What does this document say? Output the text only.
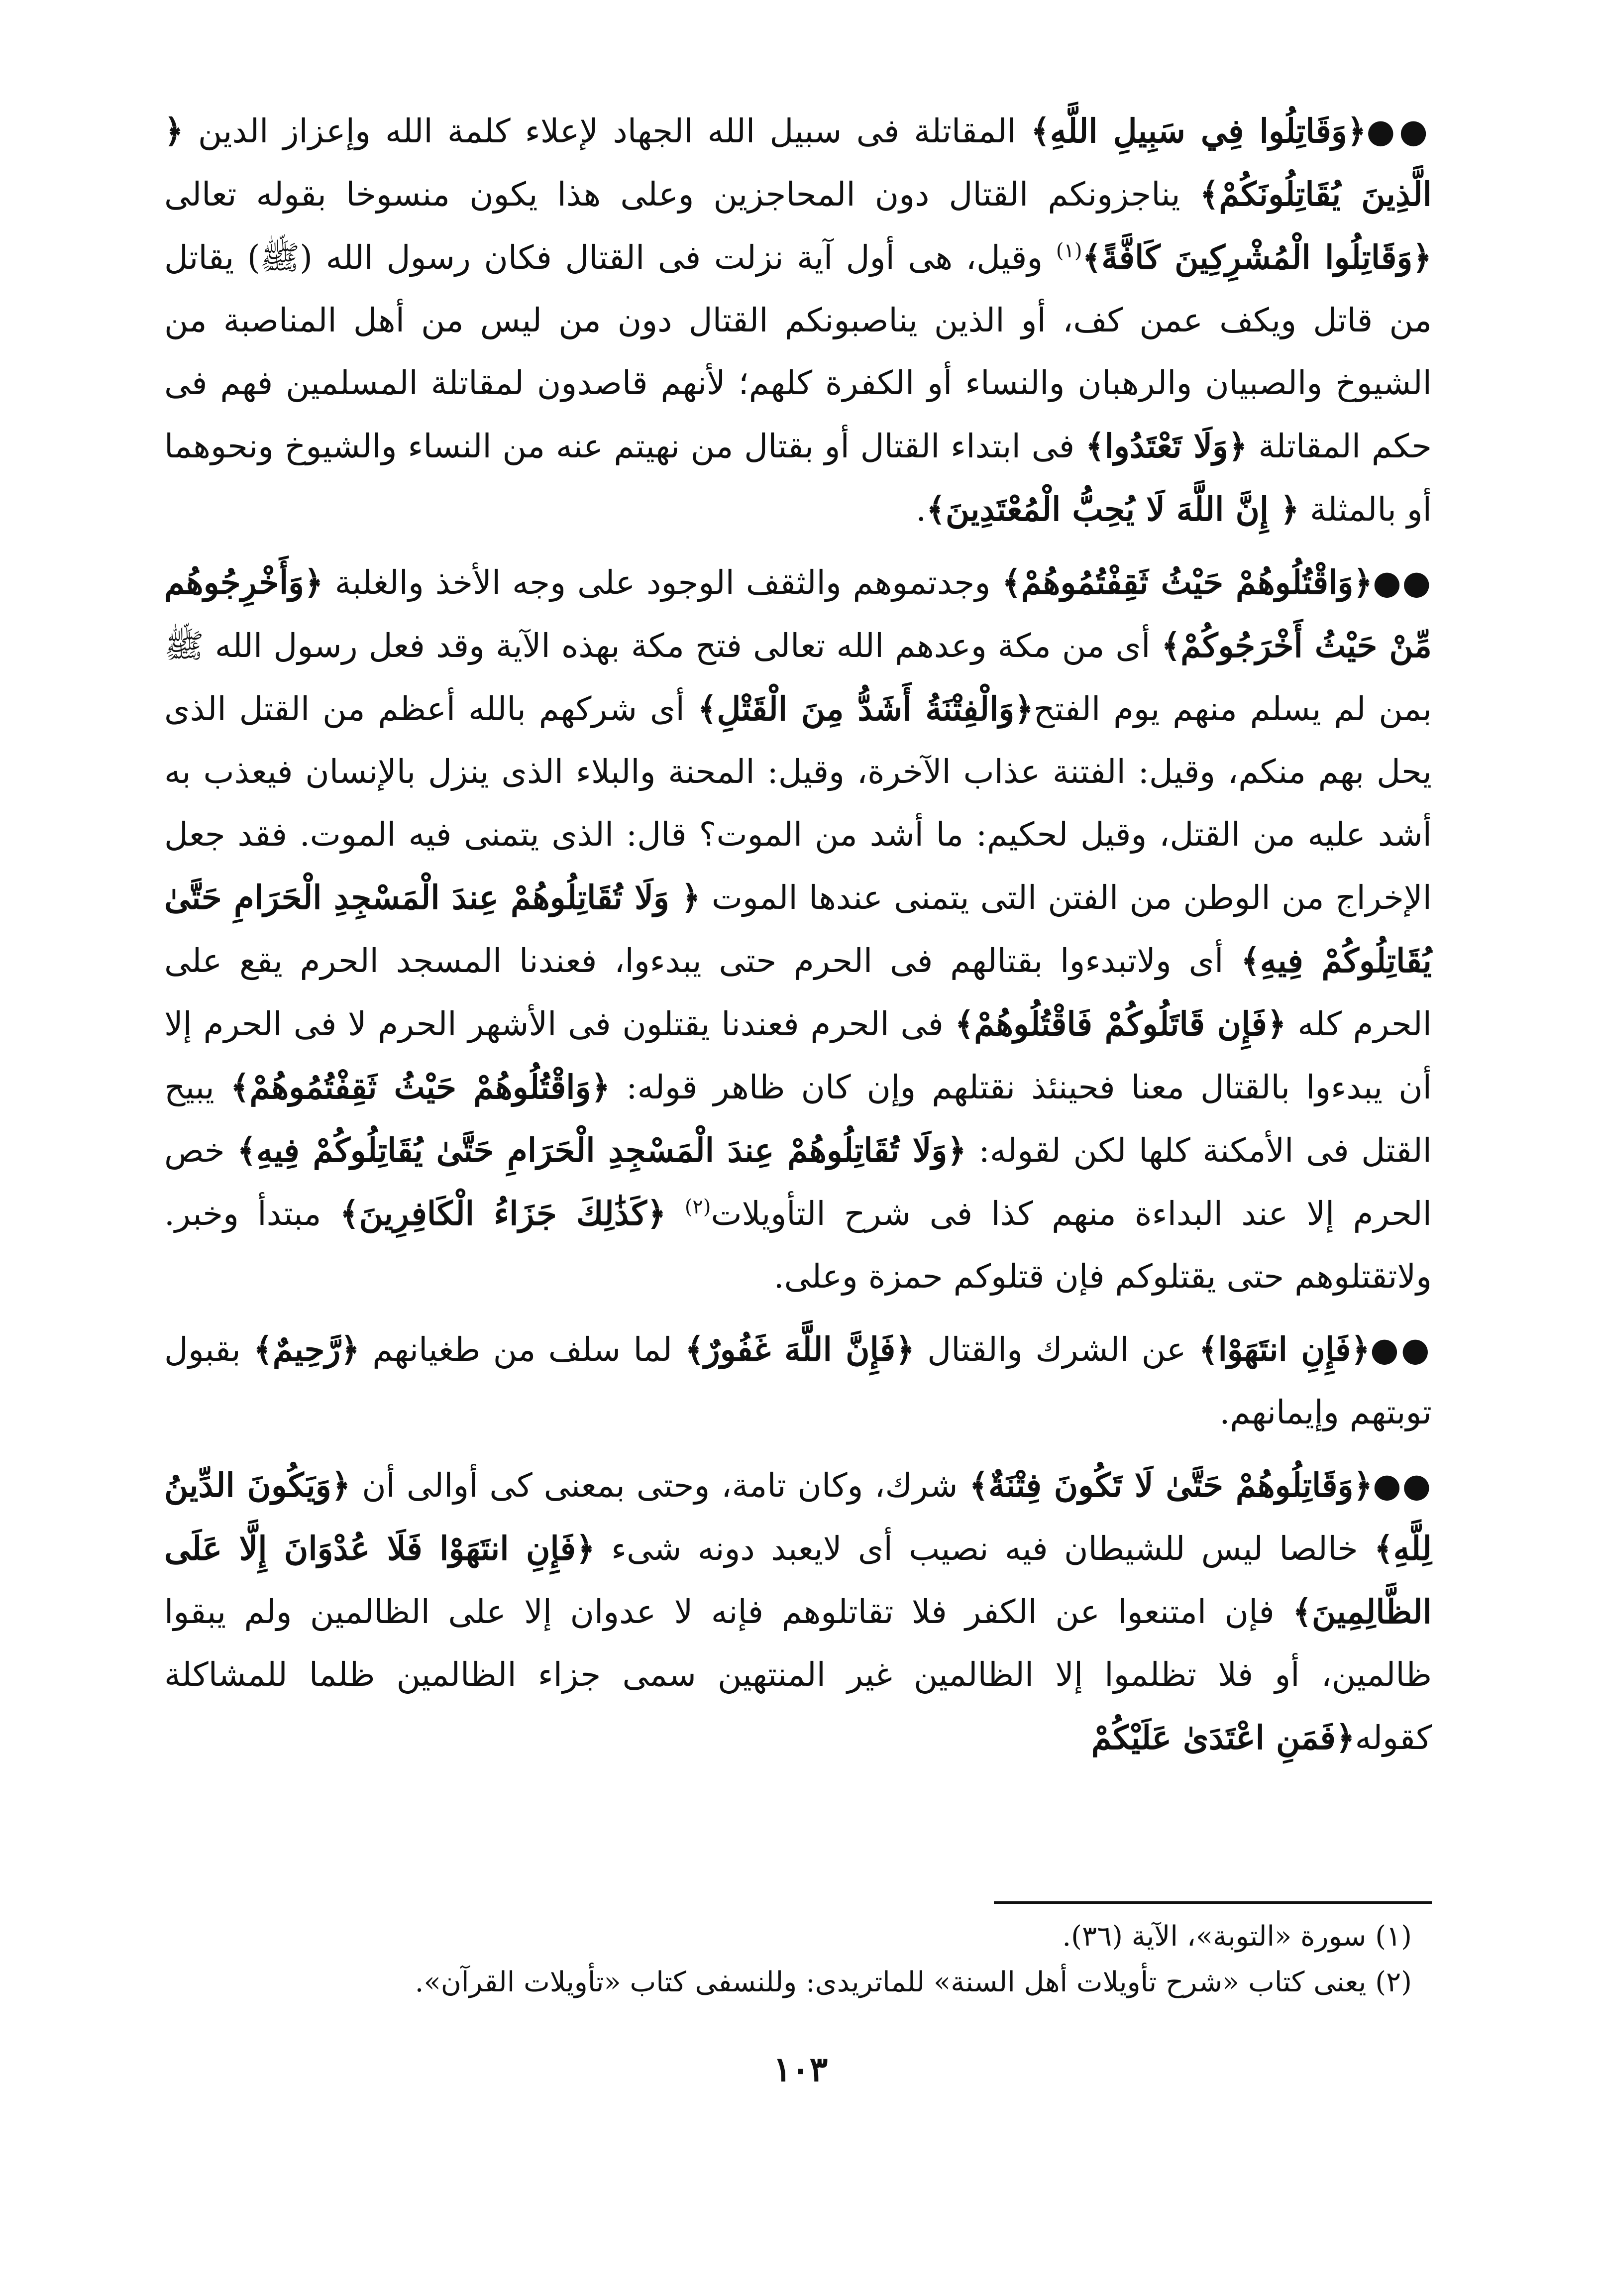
●●﴿وَقَاتِلُوا فِي سَبِيلِ اللَّهِ﴾ المقاتلة فى سبيل الله الجهاد لإعلاء كلمة الله وإعزاز الدين ﴿ الَّذِينَ يُقَاتِلُونَكُمْ﴾ يناجزونكم القتال دون المحاجزين وعلى هذا يكون منسوخا بقوله تعالى ﴿وَقَاتِلُوا الْمُشْرِكِينَ كَافَّةً﴾$^{(١)}$ وقيل، هى أول آية نزلت فى القتال فكان رسول الله (ﷺ) يقاتل من قاتل ويكف عمن كف، أو الذين يناصبونكم القتال دون من ليس من أهل المناصبة من الشيوخ والصبيان والرهبان والنساء أو الكفرة كلهم؛ لأنهم قاصدون لمقاتلة المسلمين فهم فى حكم المقاتلة ﴿وَلَا تَعْتَدُوا﴾ فى ابتداء القتال أو بقتال من نهيتم عنه من النساء والشيوخ ونحوهما أو بالمثلة ﴿ إِنَّ اللَّهَ لَا يُحِبُّ الْمُعْتَدِينَ﴾.

●●﴿وَاقْتُلُوهُمْ حَيْثُ ثَقِفْتُمُوهُمْ﴾ وجدتموهم والثقف الوجود على وجه الأخذ والغلبة ﴿وَأَخْرِجُوهُم مِّنْ حَيْثُ أَخْرَجُوكُمْ﴾ أى من مكة وعدهم الله تعالى فتح مكة بهذه الآية وقد فعل رسول الله ﷺ بمن لم يسلم منهم يوم الفتح﴿وَالْفِتْنَةُ أَشَدُّ مِنَ الْقَتْلِ﴾ أى شركهم بالله أعظم من القتل الذى يحل بهم منكم، وقيل: الفتنة عذاب الآخرة، وقيل: المحنة والبلاء الذى ينزل بالإنسان فيعذب به أشد عليه من القتل، وقيل لحكيم: ما أشد من الموت؟ قال: الذى يتمنى فيه الموت. فقد جعل الإخراج من الوطن من الفتن التى يتمنى عندها الموت ﴿ وَلَا تُقَاتِلُوهُمْ عِندَ الْمَسْجِدِ الْحَرَامِ حَتَّىٰ يُقَاتِلُوكُمْ فِيهِ﴾ أى ولاتبدءوا بقتالهم فى الحرم حتى يبدءوا، فعندنا المسجد الحرم يقع على الحرم كله ﴿فَإِن قَاتَلُوكُمْ فَاقْتُلُوهُمْ﴾ فى الحرم فعندنا يقتلون فى الأشهر الحرم لا فى الحرم إلا أن يبدءوا بالقتال معنا فحينئذ نقتلهم وإن كان ظاهر قوله: ﴿وَاقْتُلُوهُمْ حَيْثُ ثَقِفْتُمُوهُمْ﴾ يبيح القتل فى الأمكنة كلها لكن لقوله: ﴿وَلَا تُقَاتِلُوهُمْ عِندَ الْمَسْجِدِ الْحَرَامِ حَتَّىٰ يُقَاتِلُوكُمْ فِيهِ﴾ خص الحرم إلا عند البداءة منهم كذا فى شرح التأويلات$^{(٢)}$ ﴿كَذَٰلِكَ جَزَاءُ الْكَافِرِينَ﴾ مبتدأ وخبر. ولاتقتلوهم حتى يقتلوكم فإن قتلوكم حمزة وعلى.

●●﴿فَإِنِ انتَهَوْا﴾ عن الشرك والقتال ﴿فَإِنَّ اللَّهَ غَفُورٌ﴾ لما سلف من طغيانهم ﴿رَّحِيمٌ﴾ بقبول توبتهم وإيمانهم.

●●﴿وَقَاتِلُوهُمْ حَتَّىٰ لَا تَكُونَ فِتْنَةٌ﴾ شرك، وكان تامة، وحتى بمعنى كى أوالى أن ﴿وَيَكُونَ الدِّينُ لِلَّهِ﴾ خالصا ليس للشيطان فيه نصيب أى لايعبد دونه شىء ﴿فَإِنِ انتَهَوْا فَلَا عُدْوَانَ إِلَّا عَلَى الظَّالِمِينَ﴾ فإن امتنعوا عن الكفر فلا تقاتلوهم فإنه لا عدوان إلا على الظالمين ولم يبقوا ظالمين، أو فلا تظلموا إلا الظالمين غير المنتهين سمى جزاء الظالمين ظلما للمشاكلة كقوله﴿فَمَنِ اعْتَدَىٰ عَلَيْكُمْ

(١) سورة «التوبة»، الآية (٣٦).

(٢) يعنى كتاب «شرح تأويلات أهل السنة» للماتريدى: وللنسفى كتاب «تأويلات القرآن».

١٠٣
